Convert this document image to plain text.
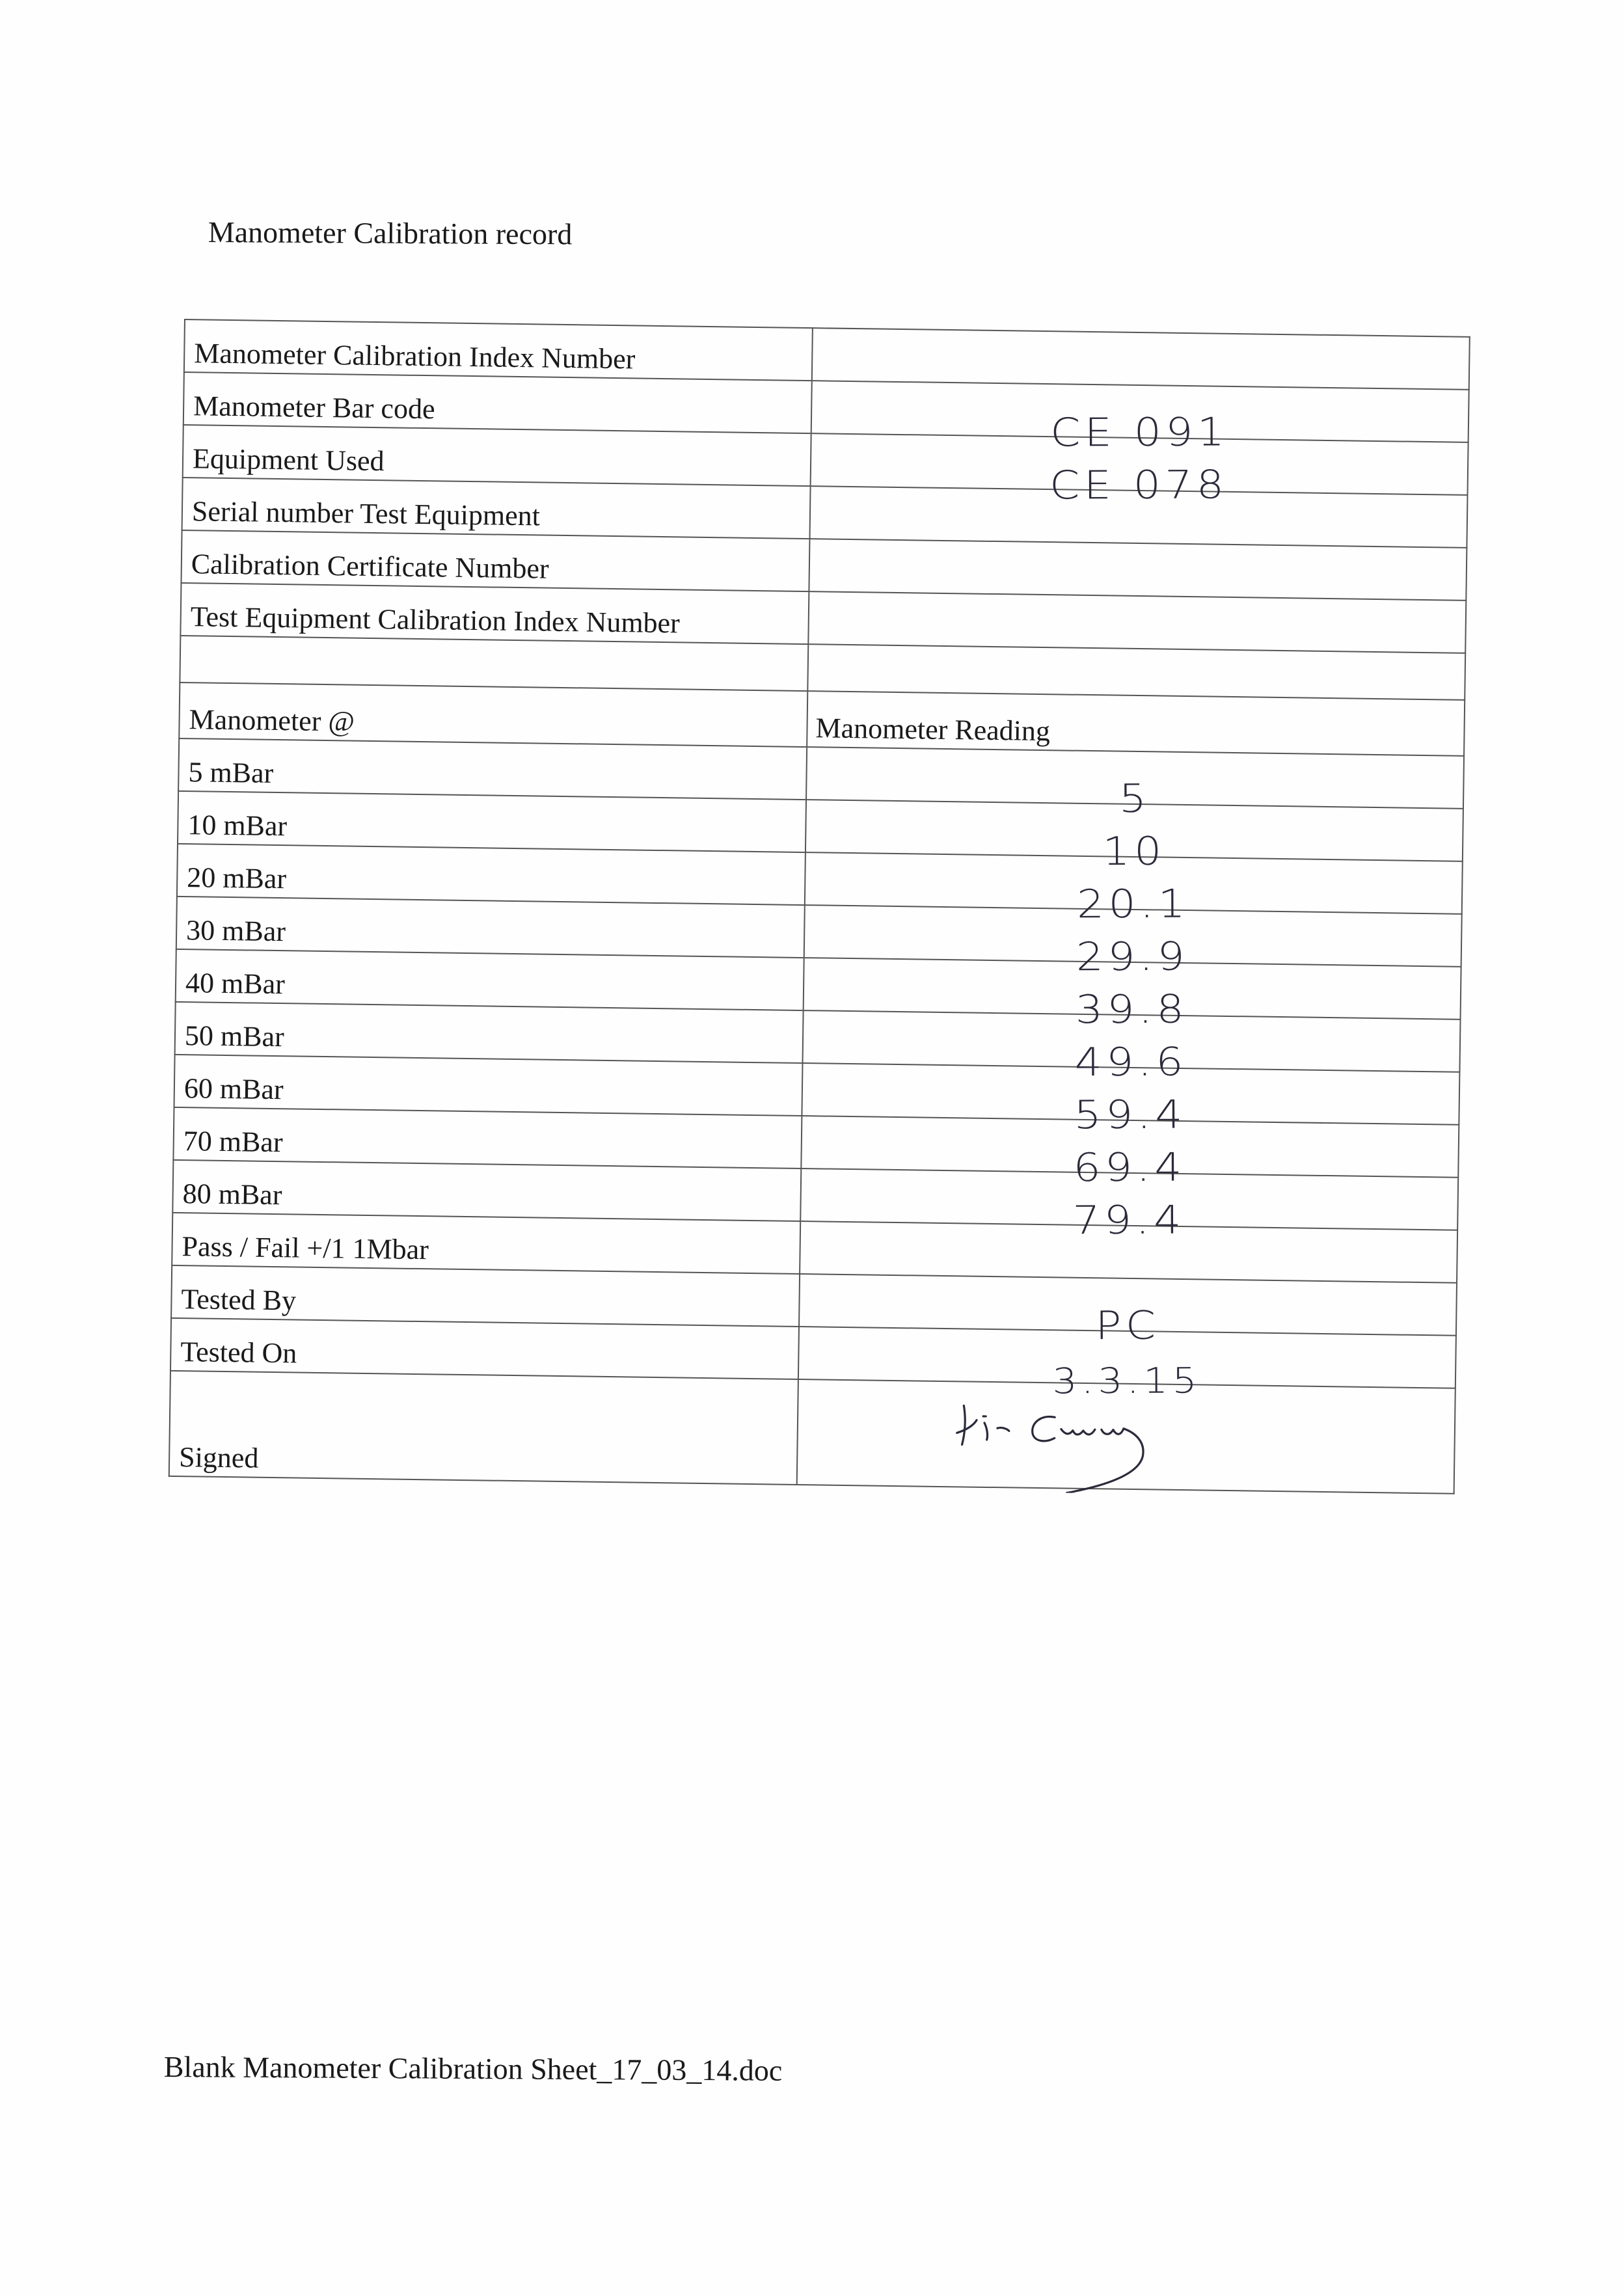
Manometer Calibration record
Manometer Calibration Index Number	
Manometer Bar code	CE 091
Equipment Used	CE 078
Serial number Test Equipment	
Calibration Certificate Number	
Test Equipment Calibration Index Number	

Manometer @	Manometer Reading
5 mBar	5
10 mBar	10
20 mBar	20.1
30 mBar	29.9
40 mBar	39.8
50 mBar	49.6
60 mBar	59.4
70 mBar	69.4
80 mBar	79.4
Pass / Fail +/1 1Mbar	
Tested By	PC
Tested On	3.3.15
Signed	
Blank Manometer Calibration Sheet_17_03_14.doc
